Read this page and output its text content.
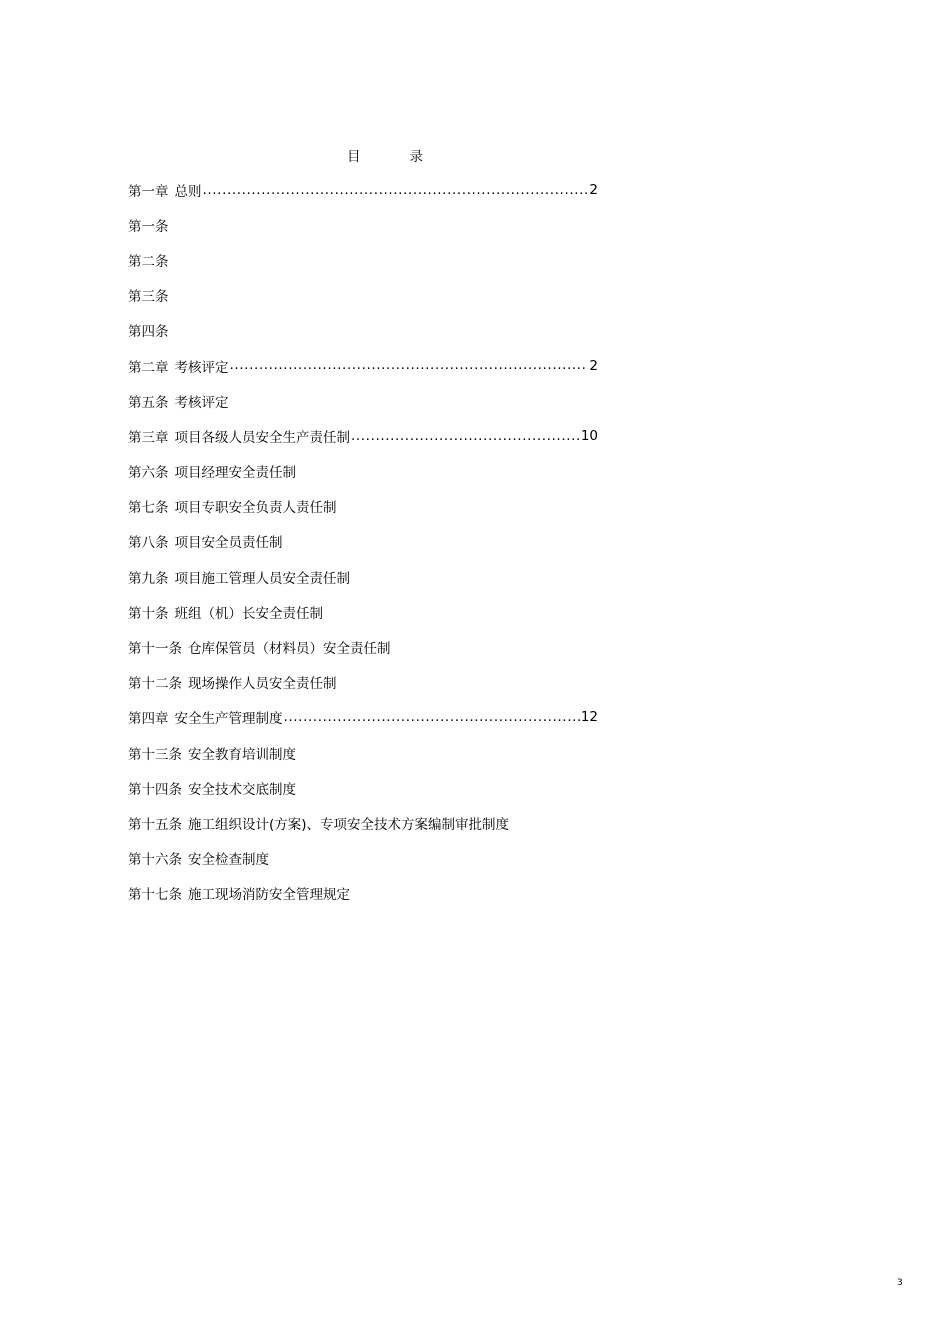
目	录
第一章 总则 .....	2
第一条
第二条
第三条
第四条
第二章 考核评定 .....	2
第五条 考核评定
第三章 项目各级人员安全生产责任制 .....	10
第六条 项目经理安全责任制
第七条 项目专职安全负责人责任制
第八条 项目安全员责任制
第九条 项目施工管理人员安全责任制
第十条 班组（机）长安全责任制
第十一条 仓库保管员（材料员）安全责任制
第十二条 现场操作人员安全责任制
第四章 安全生产管理制度 .....	12
第十三条 安全教育培训制度
第十四条 安全技术交底制度
第十五条 施工组织设计(方案)、专项安全技术方案编制审批制度
第十六条 安全检查制度
第十七条 施工现场消防安全管理规定
3
